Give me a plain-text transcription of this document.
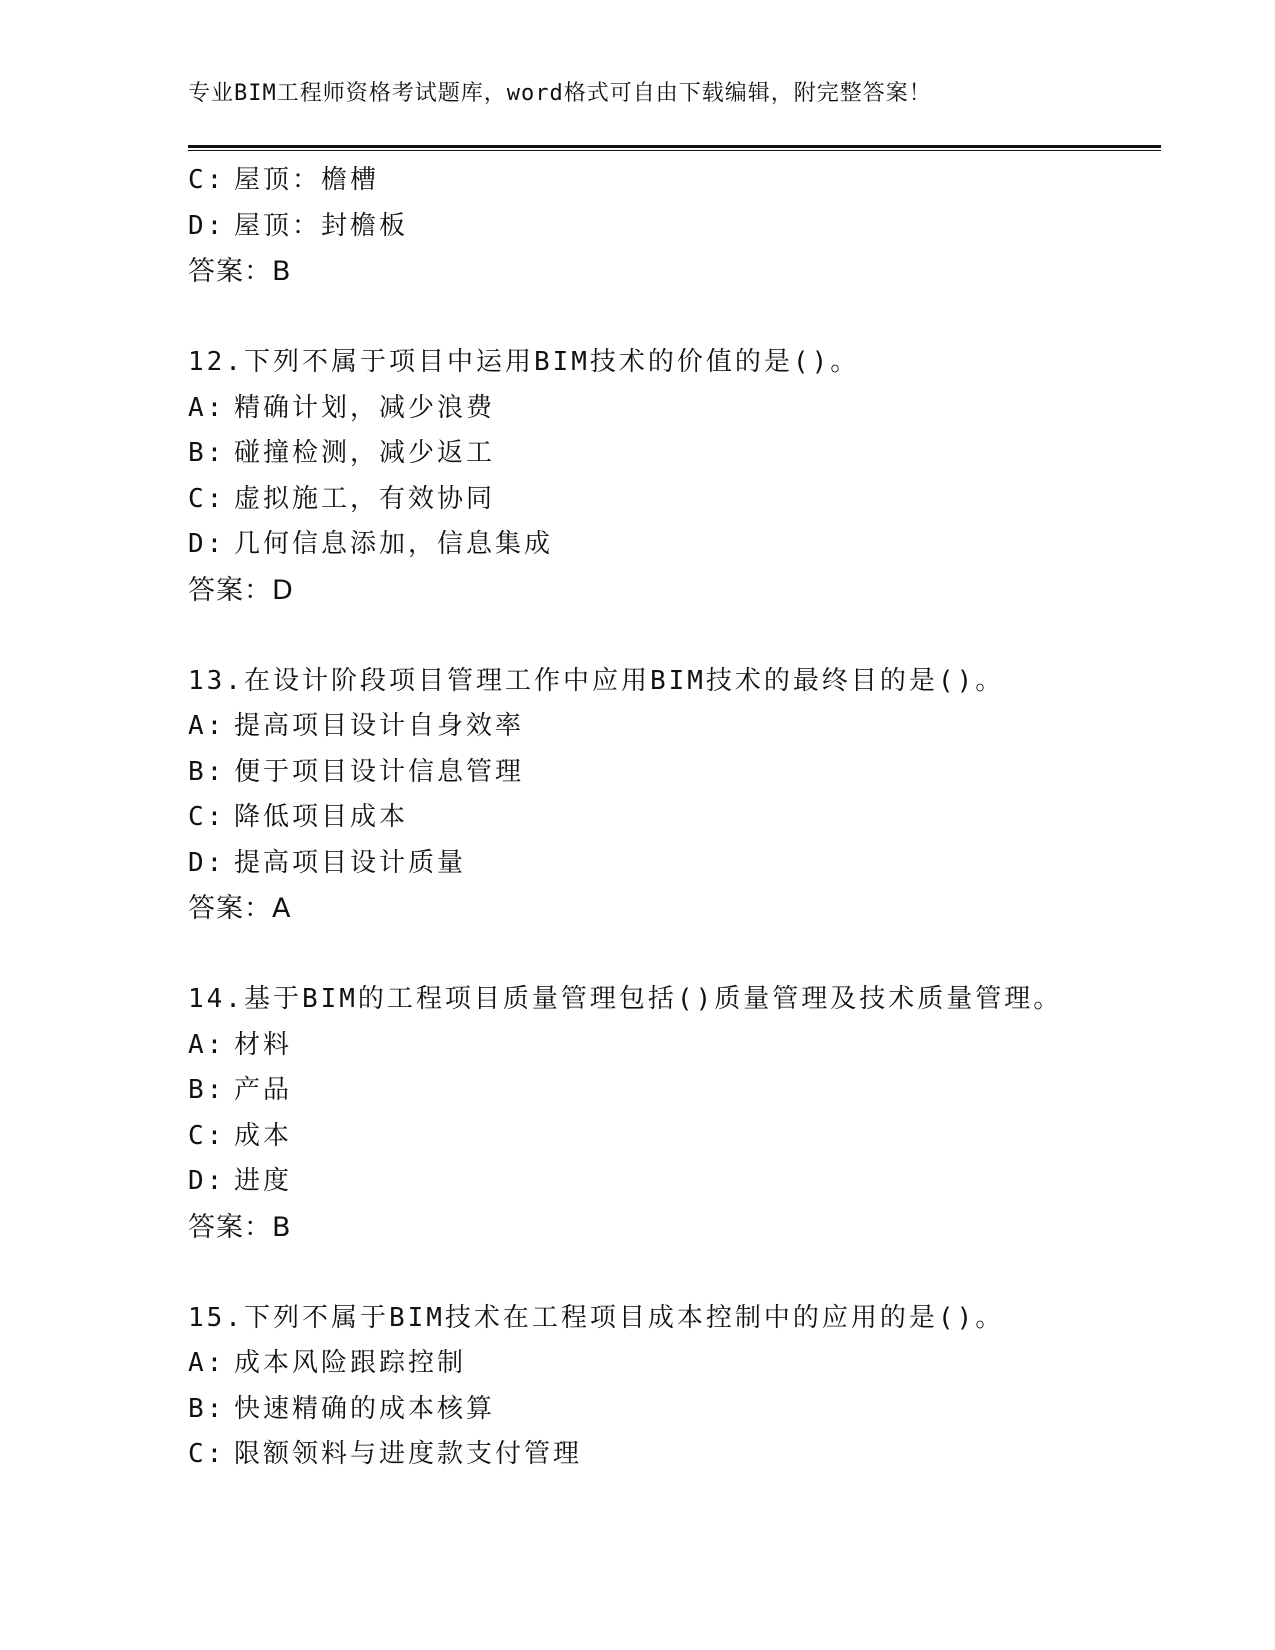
专业BIM工程师资格考试题库，word格式可自由下载编辑，附完整答案！
C: 屋顶：檐槽
D: 屋顶：封檐板
答案：B
12.下列不属于项目中运用BIM技术的价值的是()。
A: 精确计划，减少浪费
B: 碰撞检测，减少返工
C: 虚拟施工，有效协同
D: 几何信息添加，信息集成
答案：D
13.在设计阶段项目管理工作中应用BIM技术的最终目的是()。
A: 提高项目设计自身效率
B: 便于项目设计信息管理
C: 降低项目成本
D: 提高项目设计质量
答案：A
14.基于BIM的工程项目质量管理包括()质量管理及技术质量管理。
A: 材料
B: 产品
C: 成本
D: 进度
答案：B
15.下列不属于BIM技术在工程项目成本控制中的应用的是()。
A: 成本风险跟踪控制
B: 快速精确的成本核算
C: 限额领料与进度款支付管理
